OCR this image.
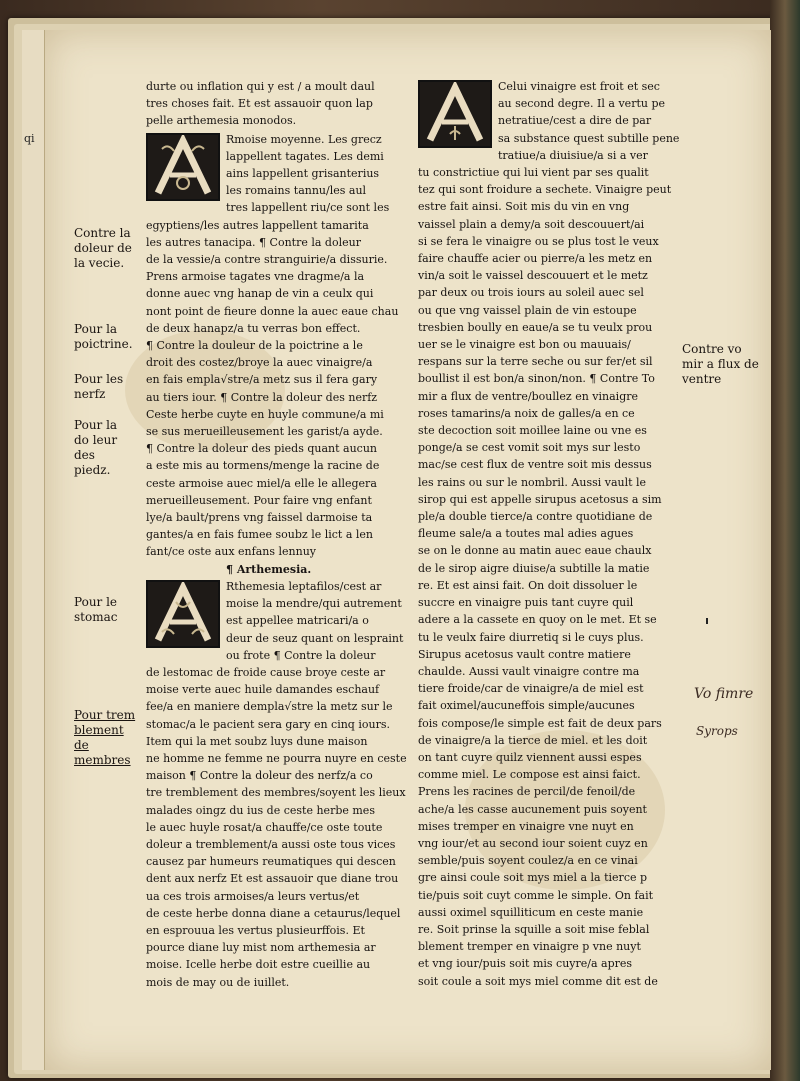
qi
Contre la doleur de la vecie.
Pour la poictrine.
Pour les nerfz
Pour la do leur des piedz.
Pour le stomac
Pour trem blement de membres
Contre vo mir a flux de ventre
Vo fimre
Syrops

durte ou inflation qui y est / a moult daul
tres choses fait. Et est assauoir quon lap
pelle arthemesia monodos.

Rmoise moyenne. Les grecz
lappellent tagates. Les demi
ains lappellent grisanterius
les romains tannu/les aul
tres lappellent riu/ce sont les
egyptiens/les autres lappellent tamarita
les autres tanacipa. ¶ Contre la doleur
de la vessie/a contre stranguirie/a dissurie.
Prens armoise tagates vne dragme/a la
donne auec vng hanap de vin a ceulx qui
nont point de fieure donne la auec eaue chau
de deux hanapz/a tu verras bon effect.
¶ Contre la douleur de la poictrine a le
droit des costez/broye la auec vinaigre/a
en fais empla√stre/a metz sus il fera gary
au tiers iour. ¶ Contre la doleur des nerfz
Ceste herbe cuyte en huyle commune/a mi
se sus merueilleusement les garist/a ayde.
¶ Contre la doleur des pieds quant aucun
a este mis au tormens/menge la racine de
ceste armoise auec miel/a elle le allegera
merueilleusement. Pour faire vng enfant
lye/a bault/prens vng faissel darmoise ta
gantes/a en fais fumee soubz le lict a len
fant/ce oste aux enfans lennuy

¶ Arthemesia.

Rthemesia leptafilos/cest ar
moise la mendre/qui autrement
est appellee matricari/a o
deur de seuz quant on lespraint
ou frote ¶ Contre la doleur
de lestomac de froide cause broye ceste ar
moise verte auec huile damandes eschauf
fee/a en maniere dempla√stre la metz sur le
stomac/a le pacient sera gary en cinq iours.
Item qui la met soubz luys dune maison
ne homme ne femme ne pourra nuyre en ceste
maison ¶ Contre la doleur des nerfz/a co
tre tremblement des membres/soyent les lieux
malades oingz du ius de ceste herbe mes
le auec huyle rosat/a chauffe/ce oste toute
doleur a tremblement/a aussi oste tous vices
causez par humeurs reumatiques qui descen
dent aux nerfz Et est assauoir que diane trou
ua ces trois armoises/a leurs vertus/et
de ceste herbe donna diane a cetaurus/lequel
en esprouua les vertus plusieurffois. Et
pource diane luy mist nom arthemesia ar
moise. Icelle herbe doit estre cueillie au
mois de may ou de iuillet.

Celui vinaigre est froit et sec
au second degre. Il a vertu pe
netratiue/cest a dire de par
sa substance quest subtille pene
tratiue/a diuisiue/a si a ver
tu constrictiue qui lui vient par ses qualit
tez qui sont froidure a sechete. Vinaigre peut
estre fait ainsi. Soit mis du vin en vng
vaissel plain a demy/a soit descouuert/ai
si se fera le vinaigre ou se plus tost le veux
faire chauffe acier ou pierre/a les metz en
vin/a soit le vaissel descouuert et le metz
par deux ou trois iours au soleil auec sel
ou que vng vaissel plain de vin estoupe
tresbien boully en eaue/a se tu veulx prou
uer se le vinaigre est bon ou mauuais/
respans sur la terre seche ou sur fer/et sil
boullist il est bon/a sinon/non. ¶ Contre To
mir a flux de ventre/boullez en vinaigre
roses tamarins/a noix de galles/a en ce
ste decoction soit moillee laine ou vne es
ponge/a se cest vomit soit mys sur lesto
mac/se cest flux de ventre soit mis dessus
les rains ou sur le nombril. Aussi vault le
sirop qui est appelle sirupus acetosus a sim
ple/a double tierce/a contre quotidiane de
fleume sale/a a toutes mal adies agues
se on le donne au matin auec eaue chaulx
de le sirop aigre diuise/a subtille la matie
re. Et est ainsi fait. On doit dissoluer le
succre en vinaigre puis tant cuyre quil
adere a la cassete en quoy on le met. Et se
tu le veulx faire diurretiq si le cuys plus.
Sirupus acetosus vault contre matiere
chaulde. Aussi vault vinaigre contre ma
tiere froide/car de vinaigre/a de miel est
fait oximel/aucuneffois simple/aucunes
fois compose/le simple est fait de deux pars
de vinaigre/a la tierce de miel. et les doit
on tant cuyre quilz viennent aussi espes
comme miel. Le compose est ainsi faict.
Prens les racines de percil/de fenoil/de
ache/a les casse aucunement puis soyent
mises tremper en vinaigre vne nuyt en
vng iour/et au second iour soient cuyz en
semble/puis soyent coulez/a en ce vinai
gre ainsi coule soit mys miel a la tierce p
tie/puis soit cuyt comme le simple. On fait
aussi oximel squilliticum en ceste manie
re. Soit prinse la squille a soit mise feblal
blement tremper en vinaigre p vne nuyt
et vng iour/puis soit mis cuyre/a apres
soit coule a soit mys miel comme dit est de
